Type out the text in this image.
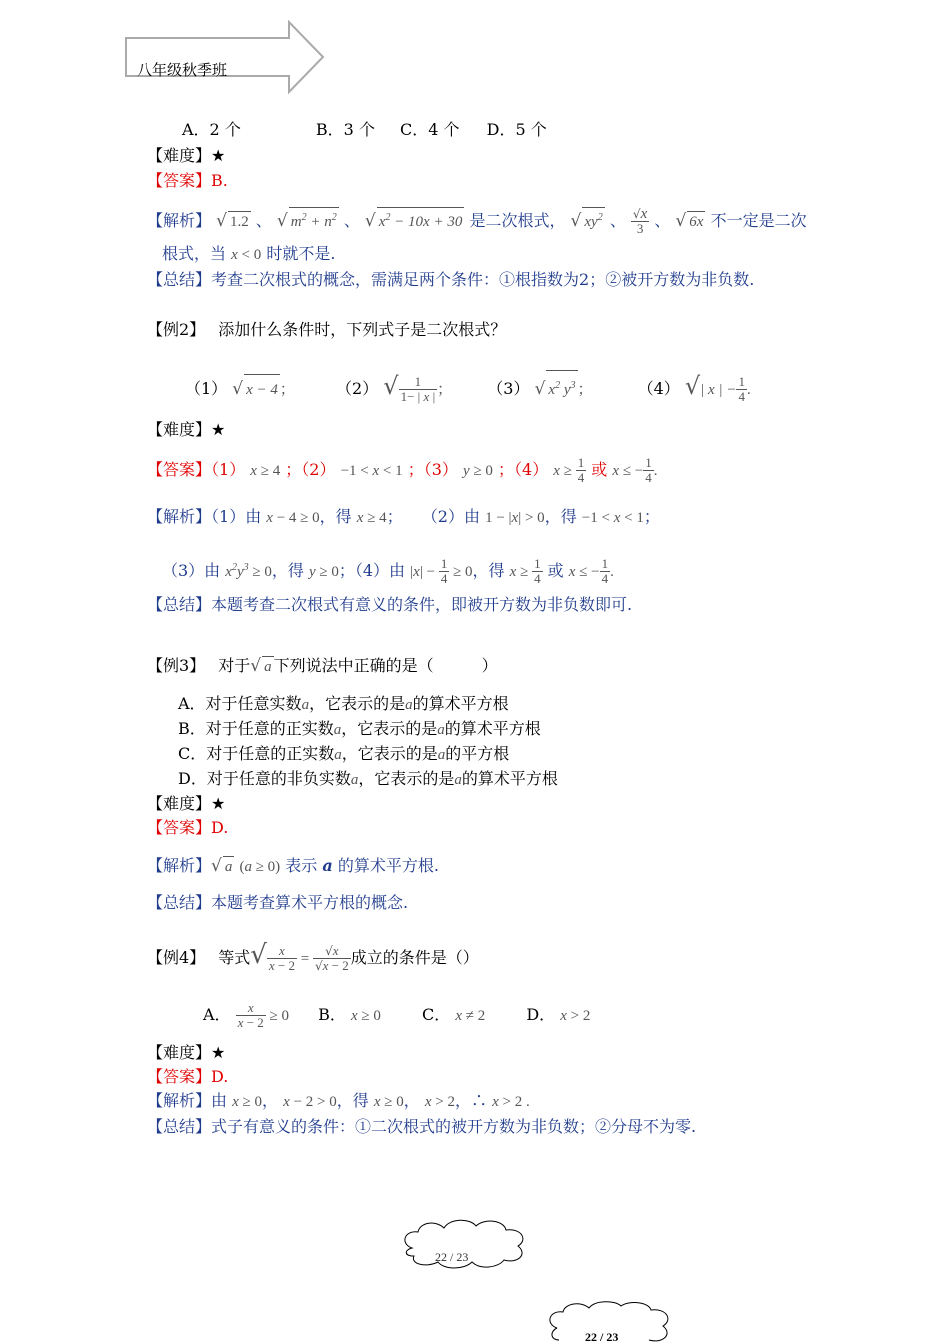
八年级秋季班
A．2 个	B．3 个 C．4 个 D．5 个
【难度】★
【答案】B.
【解析】 √ 1.2 、 √ $m^2 + n^2$ 、 √ $x^2 - 10x + 30$ 是二次根式， √ $xy^2$ 、 $\frac{√x}{3}$ 、 √ 6x 不一定是二次
根式，当 x < 0 时就不是.
【总结】考查二次根式的概念，需满足两个条件：①根指数为2；②被开方数为非负数.
【例2】 添加什么条件时，下列式子是二次根式？
（1） √ x − 4 ；	（2） √ $\frac{1}{1- | x |}$ ； （3） √ $x^2$ $y^3$ ；	（4） √| x | − $\frac{1}{4}$ .
【难度】★
【答案】（1） x ≥ 4 ；（2） −1 < x < 1 ；（3） y ≥ 0 ；（4） $x \ge \frac{1}{4}$ 或 x ≤ − $\frac{1}{4}$ .
【解析】（1）由 x − 4 ≥ 0，得 x ≥ 4； （2）由 1 − |x| > 0，得 −1 < x < 1；
（3）由 $x^2y^3 \ge 0$，得 y ≥ 0；（4）由 $|x| - \frac{1}{4} \ge 0$，得 $x \ge \frac{1}{4}$ 或 x ≤ − $\frac{1}{4}$ .
【总结】本题考查二次根式有意义的条件，即被开方数为非负数即可.
【例3】 对于√ a 下列说法中正确的是（　　　）
A．对于任意实数a，它表示的是a的算术平方根
B．对于任意的正实数a，它表示的是a的算术平方根
C．对于任意的正实数a，它表示的是a的平方根
D．对于任意的非负实数a，它表示的是a的算术平方根
【难度】★
【答案】D.
【解析】√ a (a ≥ 0) 表示 a 的算术平方根.
【总结】本题考查算术平方根的概念.
【例4】 等式√ $\frac{x}{x - 2} = \frac{√x}{√x - 2}$ 成立的条件是（）
A． $\frac{x}{x - 2} \ge 0$ B． x ≥ 0	C． x ≠ 2	D． x > 2
【难度】★
【答案】D.
【解析】由 x ≥ 0， x − 2 > 0，得 x ≥ 0， x > 2，∴ x > 2 .
【总结】式子有意义的条件：①二次根式的被开方数为非负数；②分母不为零.
22 / 23
22 / 23
